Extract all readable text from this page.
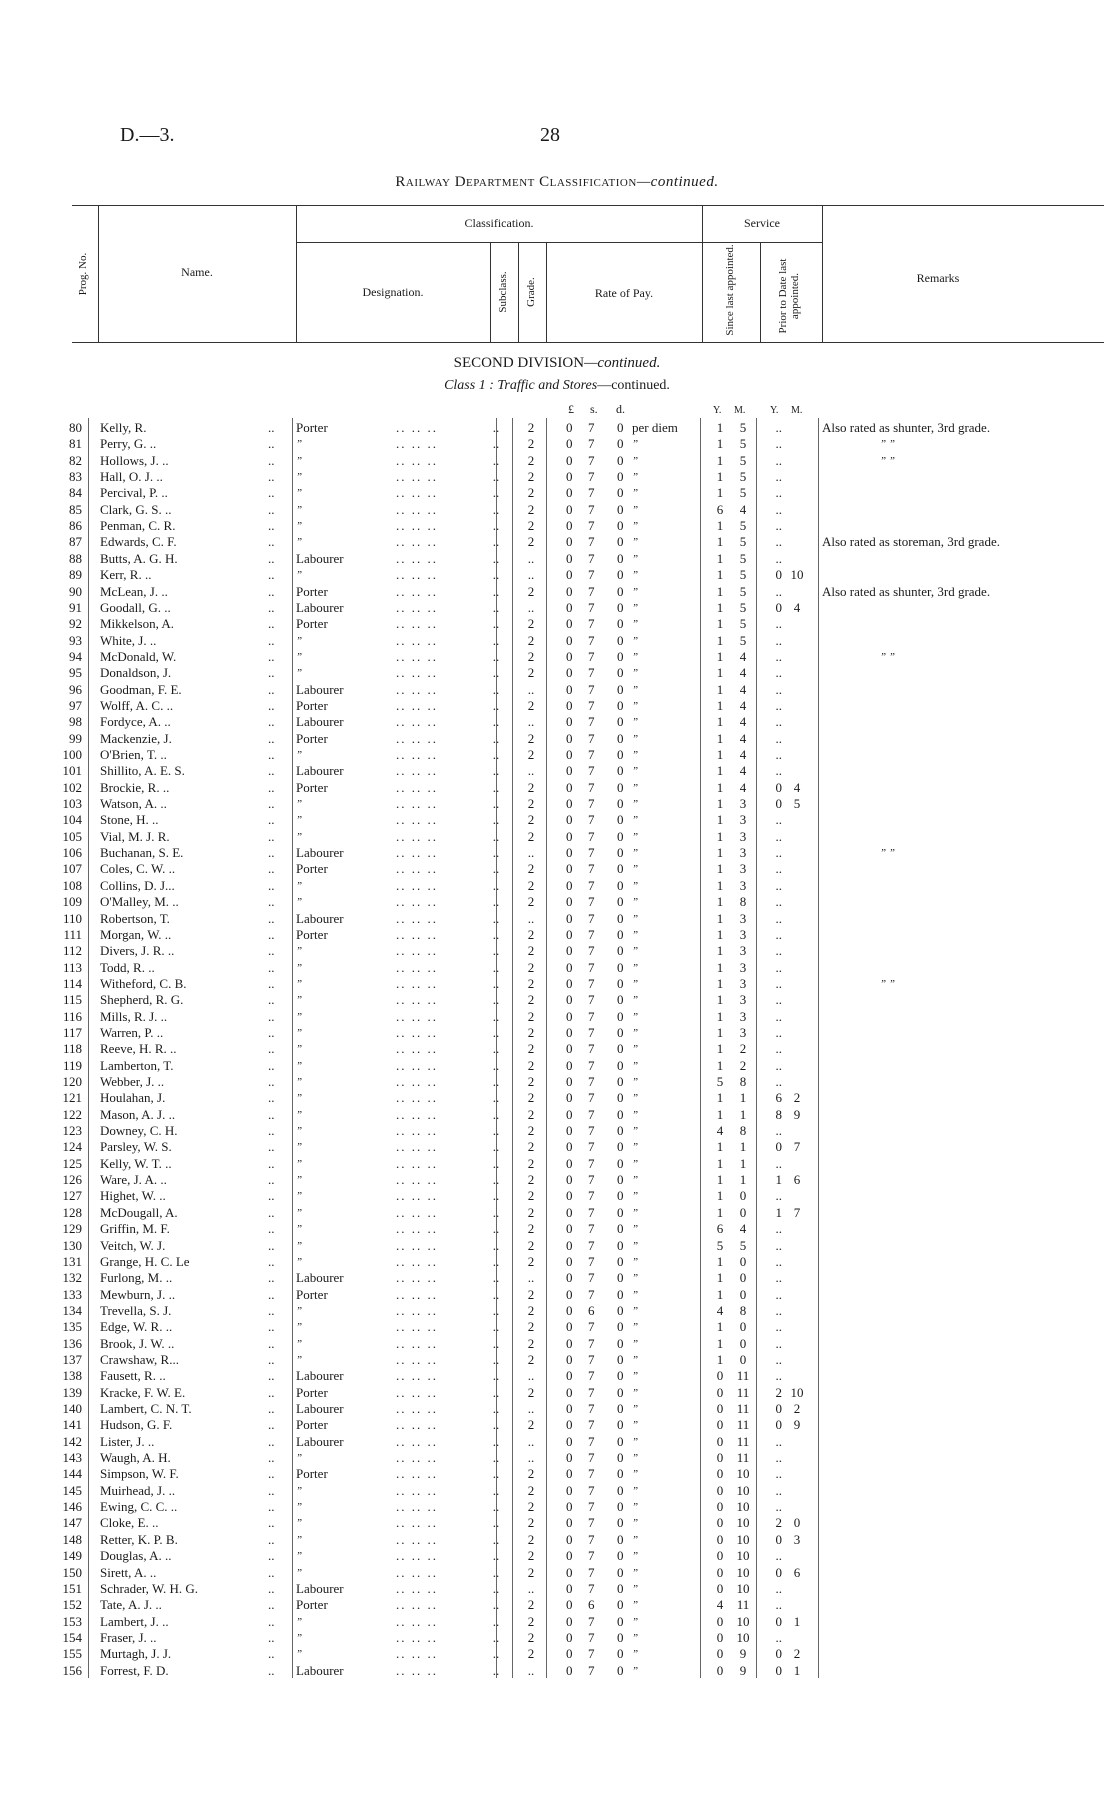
D.—3.	28
Railway Department Classification—continued.
Prog. No.	Name.
Classification.
Designation.	Subclass. Grade.	Rate of Pay.
Service
Since last appointed.	Prior to Date last appointed.	Remarks
SECOND DIVISION—continued.
Class 1 : Traffic and Stores—continued.
£ s. d.	Y. M. Y. M.
80 Kelly, R.	.. Porter	.. .. ..	..	2	0 7 0 per diem	1	5	..	Also rated as shunter, 3rd grade.
81 Perry, G. ..	.. ”	.. .. ..	..	2	0 7 0 ”	1	5	..	” ”
82 Hollows, J. ..	.. ”	.. .. ..	..	2	0 7 0 ”	1	5	..	” ”
83 Hall, O. J. ..	.. ”	.. .. ..	..	2	0 7 0 ”	1	5	..
84 Percival, P. ..	.. ”	.. .. ..	..	2	0 7 0 ”	1	5	..
85 Clark, G. S. ..	.. ”	.. .. ..	..	2	0 7 0 ”	6	4	..
86 Penman, C. R.	.. ”	.. .. ..	..	2	0 7 0 ”	1	5	..
87 Edwards, C. F.	.. ”	.. .. ..	..	2	0 7 0 ”	1	5	..	Also rated as storeman, 3rd grade.
88 Butts, A. G. H.	.. Labourer	.. .. ..	..	..	0 7 0 ”	1	5	..
89 Kerr, R. ..	.. ”	.. .. ..	..	..	0 7 0 ”	1	5	0 10
90 McLean, J. ..	.. Porter	.. .. ..	..	2	0 7 0 ”	1	5	..	Also rated as shunter, 3rd grade.
91 Goodall, G. ..	.. Labourer	.. .. ..	..	..	0 7 0 ”	1	5	0 4
92 Mikkelson, A.	.. Porter	.. .. ..	..	2	0 7 0 ”	1	5	..
93 White, J. ..	.. ”	.. .. ..	..	2	0 7 0 ”	1	5	..
94 McDonald, W.	.. ”	.. .. ..	..	2	0 7 0 ”	1	4	..	” ”
95 Donaldson, J.	.. ”	.. .. ..	..	2	0 7 0 ”	1	4	..
96 Goodman, F. E.	.. Labourer	.. .. ..	..	..	0 7 0 ”	1	4	..
97 Wolff, A. C. ..	.. Porter	.. .. ..	..	2	0 7 0 ”	1	4	..
98 Fordyce, A. ..	.. Labourer	.. .. ..	..	..	0 7 0 ”	1	4	..
99 Mackenzie, J.	.. Porter	.. .. ..	..	2	0 7 0 ”	1	4	..
100 O'Brien, T. ..	.. ”	.. .. ..	..	2	0 7 0 ”	1	4	..
101 Shillito, A. E. S.	.. Labourer	.. .. ..	..	..	0 7 0 ”	1	4	..
102 Brockie, R. ..	.. Porter	.. .. ..	..	2	0 7 0 ”	1	4	0 4
103 Watson, A. ..	.. ”	.. .. ..	..	2	0 7 0 ”	1	3	0 5
104 Stone, H. ..	.. ”	.. .. ..	..	2	0 7 0 ”	1	3	..
105 Vial, M. J. R.	.. ”	.. .. ..	..	2	0 7 0 ”	1	3	..
106 Buchanan, S. E.	.. Labourer	.. .. ..	..	..	0 7 0 ”	1	3	..	” ”
107 Coles, C. W. ..	.. Porter	.. .. ..	..	2	0 7 0 ”	1	3	..
108 Collins, D. J...	.. ”	.. .. ..	..	2	0 7 0 ”	1	3	..
109 O'Malley, M. ..	.. ”	.. .. ..	..	2	0 7 0 ”	1	8	..
110 Robertson, T.	.. Labourer	.. .. ..	..	..	0 7 0 ”	1	3	..
111 Morgan, W. ..	.. Porter	.. .. ..	..	2	0 7 0 ”	1	3	..
112 Divers, J. R. ..	.. ”	.. .. ..	..	2	0 7 0 ”	1	3	..
113 Todd, R. ..	.. ”	.. .. ..	..	2	0 7 0 ”	1	3	..
114 Witheford, C. B.	.. ”	.. .. ..	..	2	0 7 0 ”	1	3	..	” ”
115 Shepherd, R. G.	.. ”	.. .. ..	..	2	0 7 0 ”	1	3	..
116 Mills, R. J. ..	.. ”	.. .. ..	..	2	0 7 0 ”	1	3	..
117 Warren, P. ..	.. ”	.. .. ..	..	2	0 7 0 ”	1	3	..
118 Reeve, H. R. ..	.. ”	.. .. ..	..	2	0 7 0 ”	1	2	..
119 Lamberton, T.	.. ”	.. .. ..	..	2	0 7 0 ”	1	2	..
120 Webber, J. ..	.. ”	.. .. ..	..	2	0 7 0 ”	5	8	..
121 Houlahan, J.	.. ”	.. .. ..	..	2	0 7 0 ”	1	1	6 2
122 Mason, A. J. ..	.. ”	.. .. ..	..	2	0 7 0 ”	1	1	8 9
123 Downey, C. H.	.. ”	.. .. ..	..	2	0 7 0 ”	4	8	..
124 Parsley, W. S.	.. ”	.. .. ..	..	2	0 7 0 ”	1	1	0 7
125 Kelly, W. T. ..	.. ”	.. .. ..	..	2	0 7 0 ”	1	1	..
126 Ware, J. A. ..	.. ”	.. .. ..	..	2	0 7 0 ”	1	1	1 6
127 Highet, W. ..	.. ”	.. .. ..	..	2	0 7 0 ”	1	0	..
128 McDougall, A.	.. ”	.. .. ..	..	2	0 7 0 ”	1	0	1 7
129 Griffin, M. F.	.. ”	.. .. ..	..	2	0 7 0 ”	6	4	..
130 Veitch, W. J.	.. ”	.. .. ..	..	2	0 7 0 ”	5	5	..
131 Grange, H. C. Le	.. ”	.. .. ..	..	2	0 7 0 ”	1	0	..
132 Furlong, M. ..	.. Labourer	.. .. ..	..	..	0 7 0 ”	1	0	..
133 Mewburn, J. ..	.. Porter	.. .. ..	..	2	0 7 0 ”	1	0	..
134 Trevella, S. J.	.. ”	.. .. ..	..	2	0 6 0 ”	4	8	..
135 Edge, W. R. ..	.. ”	.. .. ..	..	2	0 7 0 ”	1	0	..
136 Brook, J. W. ..	.. ”	.. .. ..	..	2	0 7 0 ”	1	0	..
137 Crawshaw, R...	.. ”	.. .. ..	..	2	0 7 0 ”	1	0	..
138 Fausett, R. ..	.. Labourer	.. .. ..	..	..	0 7 0 ”	0 11	..
139 Kracke, F. W. E.	.. Porter	.. .. ..	..	2	0 7 0 ”	0 11	2 10
140 Lambert, C. N. T.	.. Labourer	.. .. ..	..	..	0 7 0 ”	0 11	0 2
141 Hudson, G. F.	.. Porter	.. .. ..	..	2	0 7 0 ”	0 11	0 9
142 Lister, J. ..	.. Labourer	.. .. ..	..	..	0 7 0 ”	0 11	..
143 Waugh, A. H.	.. ”	.. .. ..	..	..	0 7 0 ”	0 11	..
144 Simpson, W. F.	.. Porter	.. .. ..	..	2	0 7 0 ”	0 10	..
145 Muirhead, J. ..	.. ”	.. .. ..	..	2	0 7 0 ”	0 10	..
146 Ewing, C. C. ..	.. ”	.. .. ..	..	2	0 7 0 ”	0 10	..
147 Cloke, E. ..	.. ”	.. .. ..	..	2	0 7 0 ”	0 10	2 0
148 Retter, K. P. B.	.. ”	.. .. ..	..	2	0 7 0 ”	0 10	0 3
149 Douglas, A. ..	.. ”	.. .. ..	..	2	0 7 0 ”	0 10	..
150 Sirett, A. ..	.. ”	.. .. ..	..	2	0 7 0 ”	0 10	0 6
151 Schrader, W. H. G.	.. Labourer	.. .. ..	..	..	0 7 0 ”	0 10	..
152 Tate, A. J. ..	.. Porter	.. .. ..	..	2	0 6 0 ”	4 11	..
153 Lambert, J. ..	.. ”	.. .. ..	..	2	0 7 0 ”	0 10	0 1
154 Fraser, J. ..	.. ”	.. .. ..	..	2	0 7 0 ”	0 10	..
155 Murtagh, J. J.	.. ”	.. .. ..	..	2	0 7 0 ”	0	9	0 2
156 Forrest, F. D.	.. Labourer	.. .. ..	..	..	0 7 0 ”	0	9	0 1
